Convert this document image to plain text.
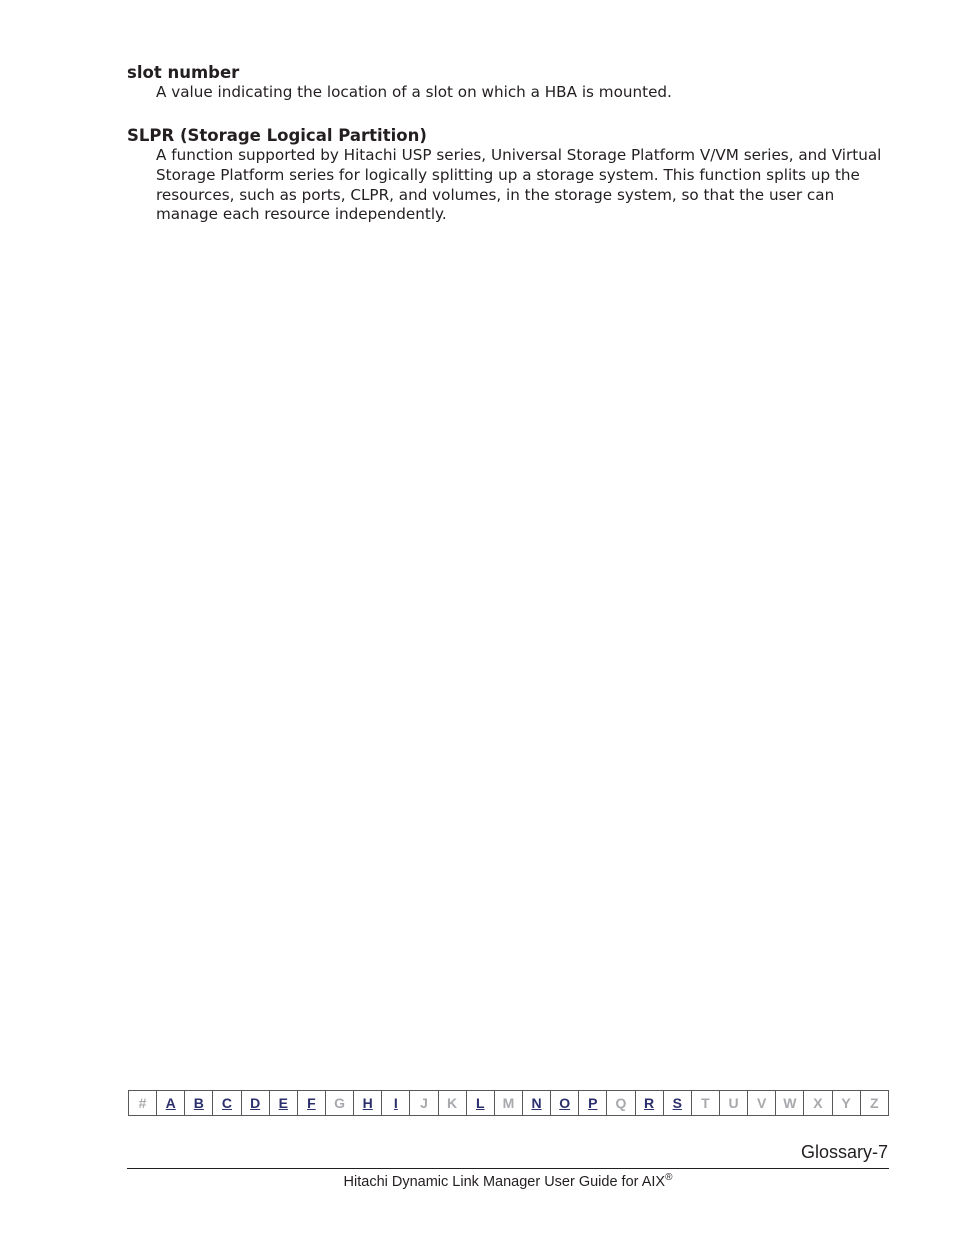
slot number

A value indicating the location of a slot on which a HBA is mounted.

SLPR (Storage Logical Partition)

A function supported by Hitachi USP series, Universal Storage Platform V/VM series, and Virtual Storage Platform series for logically splitting up a storage system. This function splits up the resources, such as ports, CLPR, and volumes, in the storage system, so that the user can manage each resource independently.

#	A	B	C	D	E	F	G	H	I	J	K	L	M	N	O	P	Q	R	S	T	U	V	W	X	Y	Z
Glossary-7
Hitachi Dynamic Link Manager User Guide for AIX®
